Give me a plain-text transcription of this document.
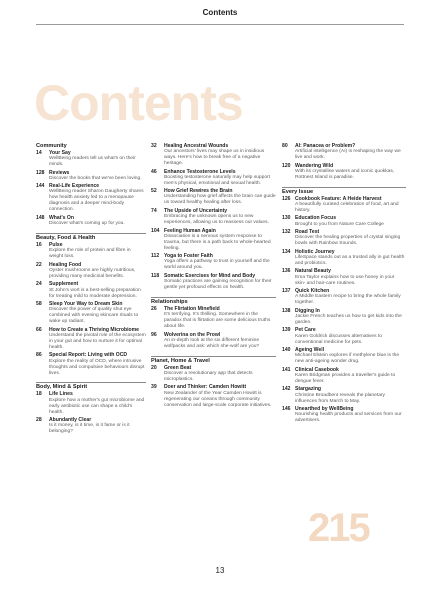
Contents
Contents
Community
14 Your Say
WellBeing readers tell us what's on their minds.
128 Reviews
Discover the books that we've been loving.
144 Real-Life Experience
WellBeing reader Sharon Daugherty shares how health anxiety led to a menopause diagnosis and a deeper mind-body connection.
148 What's On
Discover what's coming up for you.
Beauty, Food & Health
16 Pulse
Explore the role of protein and fibre in weight loss.
22 Healing Food
Oyster mushrooms are highly nutritious, providing many medicinal benefits.
24 Supplement
St John's wort is a best-selling preparation for treating mild to moderate depression.
58 Sleep Your Way to Dream Skin
Discover the power of quality shut eye combined with evening skincare rituals to wake up radiant.
66 How to Create a Thriving Microbiome
Understand the pivotal role of the ecosystem in your gut and how to nurture it for optimal health.
86 Special Report: Living with OCD
Explore the reality of OCD, where intrusive thoughts and compulsive behaviours disrupt lives.
Body, Mind & Spirit
18 Life Lines
Explore how a mother's gut microbiome and early antibiotic use can shape a child's health.
28 Abundantly Clear
Is it money, is it time, is it fame or is it belonging?
32 Healing Ancestral Wounds
Our ancestors' lives may shape us in insidious ways. Here's how to break free of a negative heritage.
46 Enhance Testosterone Levels
Boosting testosterone naturally may help support men's physical, emotional and sexual health.
52 How Grief Rewires the Brain
Understanding how grief affects the brain can guide us toward healthy healing after loss.
74 The Upside of Uncertainty
Embracing the unknown opens us to new experiences, allowing us to reassess our values.
104 Feeling Human Again
Dissociation is a nervous system response to trauma, but there is a path back to whole-hearted feeling.
112 Yoga to Foster Faith
Yoga offers a pathway to trust in yourself and the world around you.
118 Somatic Exercises for Mind and Body
Somatic practices are gaining recognition for their gentle yet profound effects on health.
Relationships
26 The Flirtation Minefield
It's terrifying. It's thrilling. Somewhere in the paradox that is flirtation are some delicious truths about life.
96 Wolverina on the Prowl
An in-depth look at the six different feminine wolfpacks and ask: which she-wolf are you?
Planet, Home & Travel
20 Green Beat
Discover a revolutionary app that detects microplastics.
39 Doer and Thinker: Camden Howitt
New Zealander of the Year Camden Howitt is regenerating our oceans through community conservation and large-scale corporate initiatives.
80 AI: Panacea or Problem?
Artificial intelligence (AI) is reshaping the way we live and work.
120 Wandering Wild
With its crystalline waters and iconic quokkas, Rottnest Island is paradise.
Every Issue
126 Cookbook Feature: A Heide Harvest
A beautifully curated celebration of food, art and history.
130 Education Focus
Brought to you from Nature Care College
132 Road Test
Discover the healing properties of crystal singing bowls with Rainbow Sounds.
134 Holistic Journey
LifeSpace stands out as a trusted ally in gut health and probiotics.
136 Natural Beauty
Ema Taylor explains how to use honey in your skin- and hair-care routines.
137 Quick Kitchen
A Middle Eastern recipe to bring the whole family together.
138 Digging In
Jackie French teaches us how to get kids into the garden.
139 Pet Care
Karen Goldrick discusses alternatives to conventional medicine for pets.
140 Ageing Well
Michael Elstein explores if methylene blue is the new anti-ageing wonder drug.
141 Clinical Casebook
Karen Bridgman provides a traveller's guide to dengue fever.
142 Stargazing
Christine Broadbent reveals the planetary influences from March to May.
146 Unearthed by WellBeing
Nourishing health products and services from our advertisers.
215
13
